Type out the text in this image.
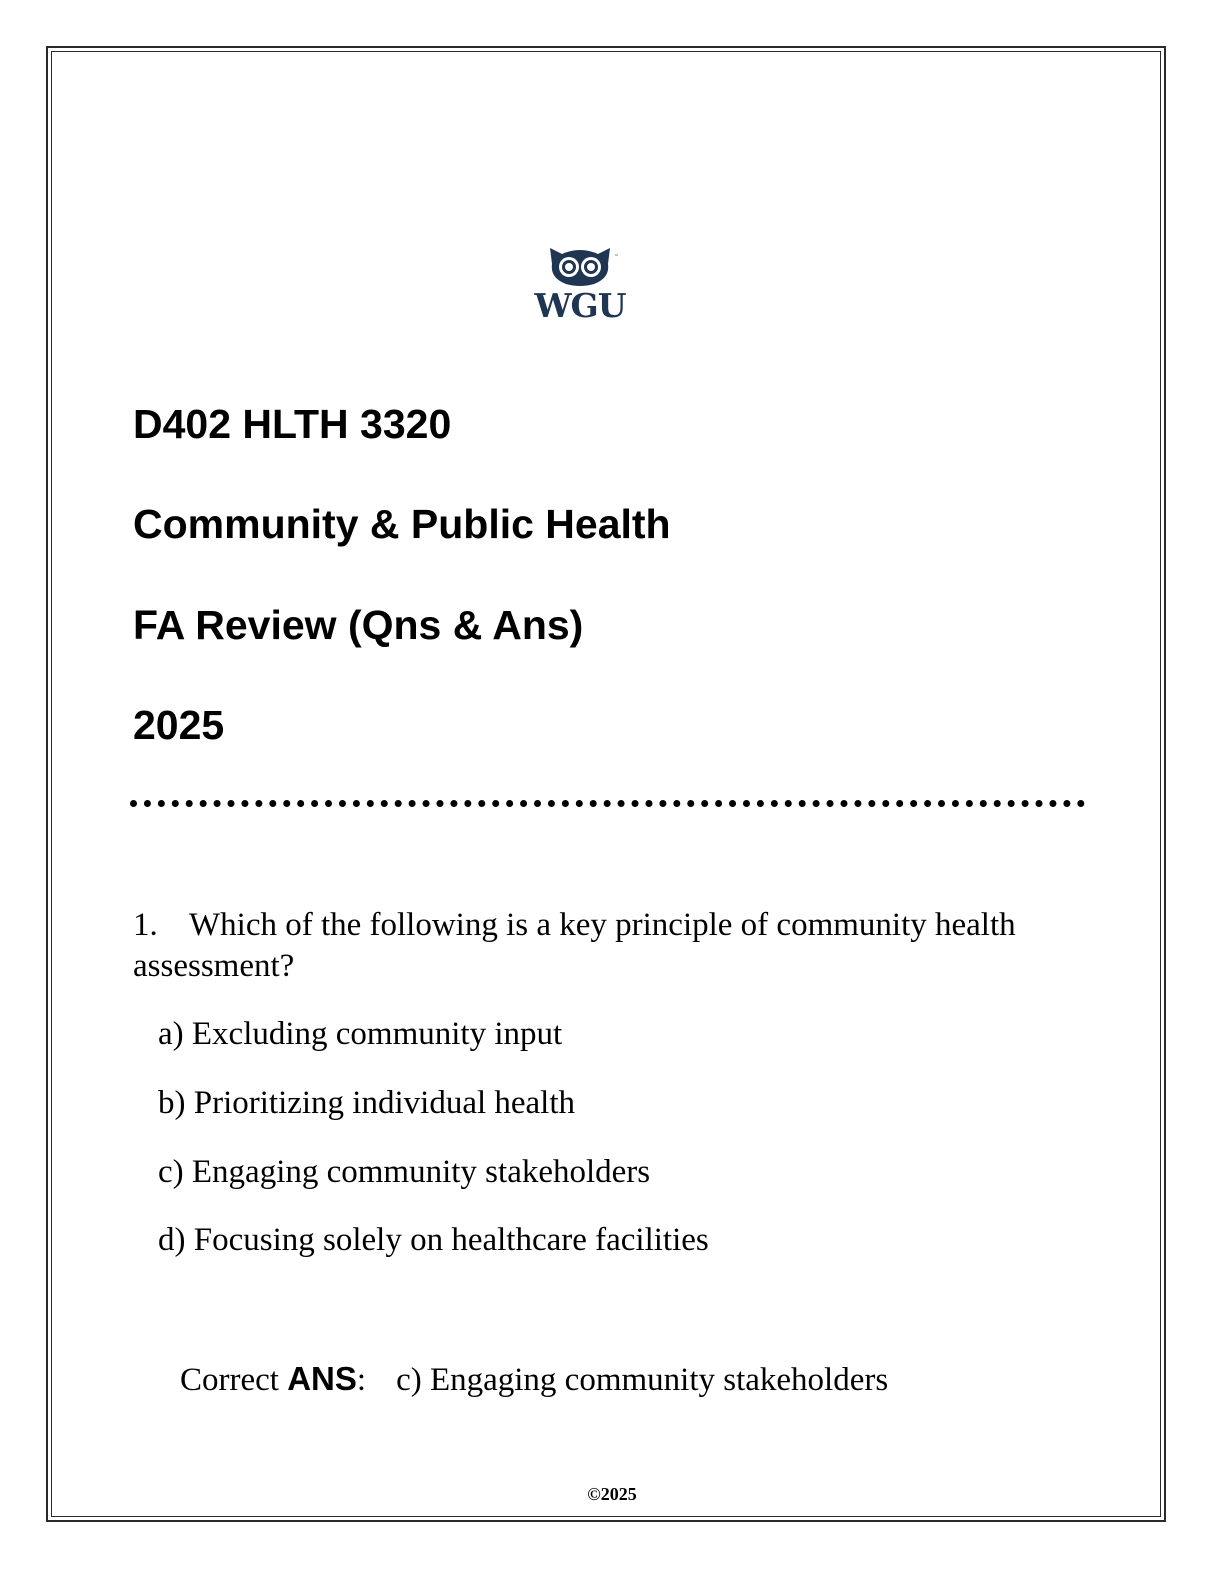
™
WGU
D402 HLTH 3320
Community & Public Health
FA Review (Qns & Ans)
2025
1. Which of the following is a key principle of community health assessment?
a) Excluding community input
b) Prioritizing individual health
c) Engaging community stakeholders
d) Focusing solely on healthcare facilities
Correct ANS: c) Engaging community stakeholders
©2025
